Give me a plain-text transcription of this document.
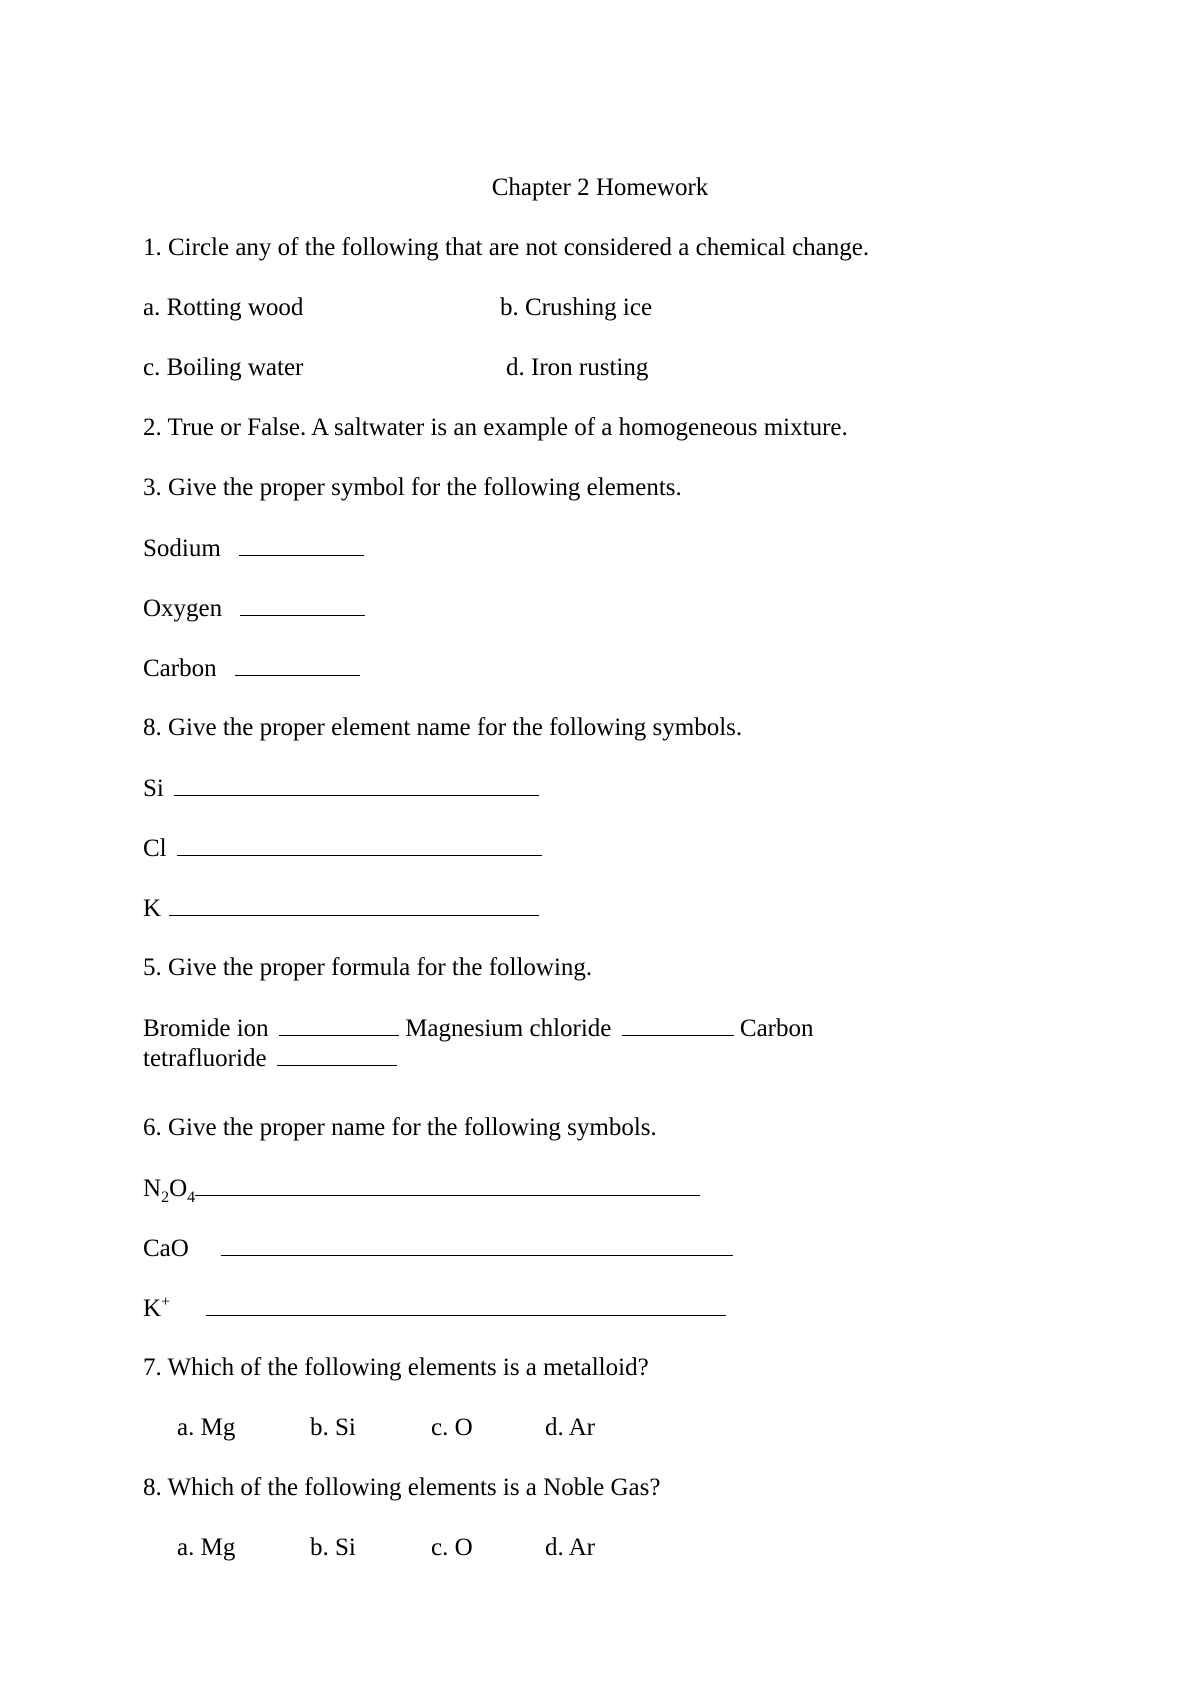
Chapter 2 Homework
1. Circle any of the following that are not considered a chemical change.
a. Rotting wood	b. Crushing ice
c. Boiling water	d. Iron rusting
2. True or False. A saltwater is an example of a homogeneous mixture.
3. Give the proper symbol for the following elements.
Sodium
Oxygen
Carbon
8. Give the proper element name for the following symbols.
Si
Cl
K
5. Give the proper formula for the following.
Bromide ion	Magnesium chloride	Carbon
tetrafluoride
6. Give the proper name for the following symbols.
$N_2O_4$
CaO
K+
7. Which of the following elements is a metalloid?
a. Mg	b. Si	c. O	d. Ar
8. Which of the following elements is a Noble Gas?
a. Mg	b. Si	c. O	d. Ar
